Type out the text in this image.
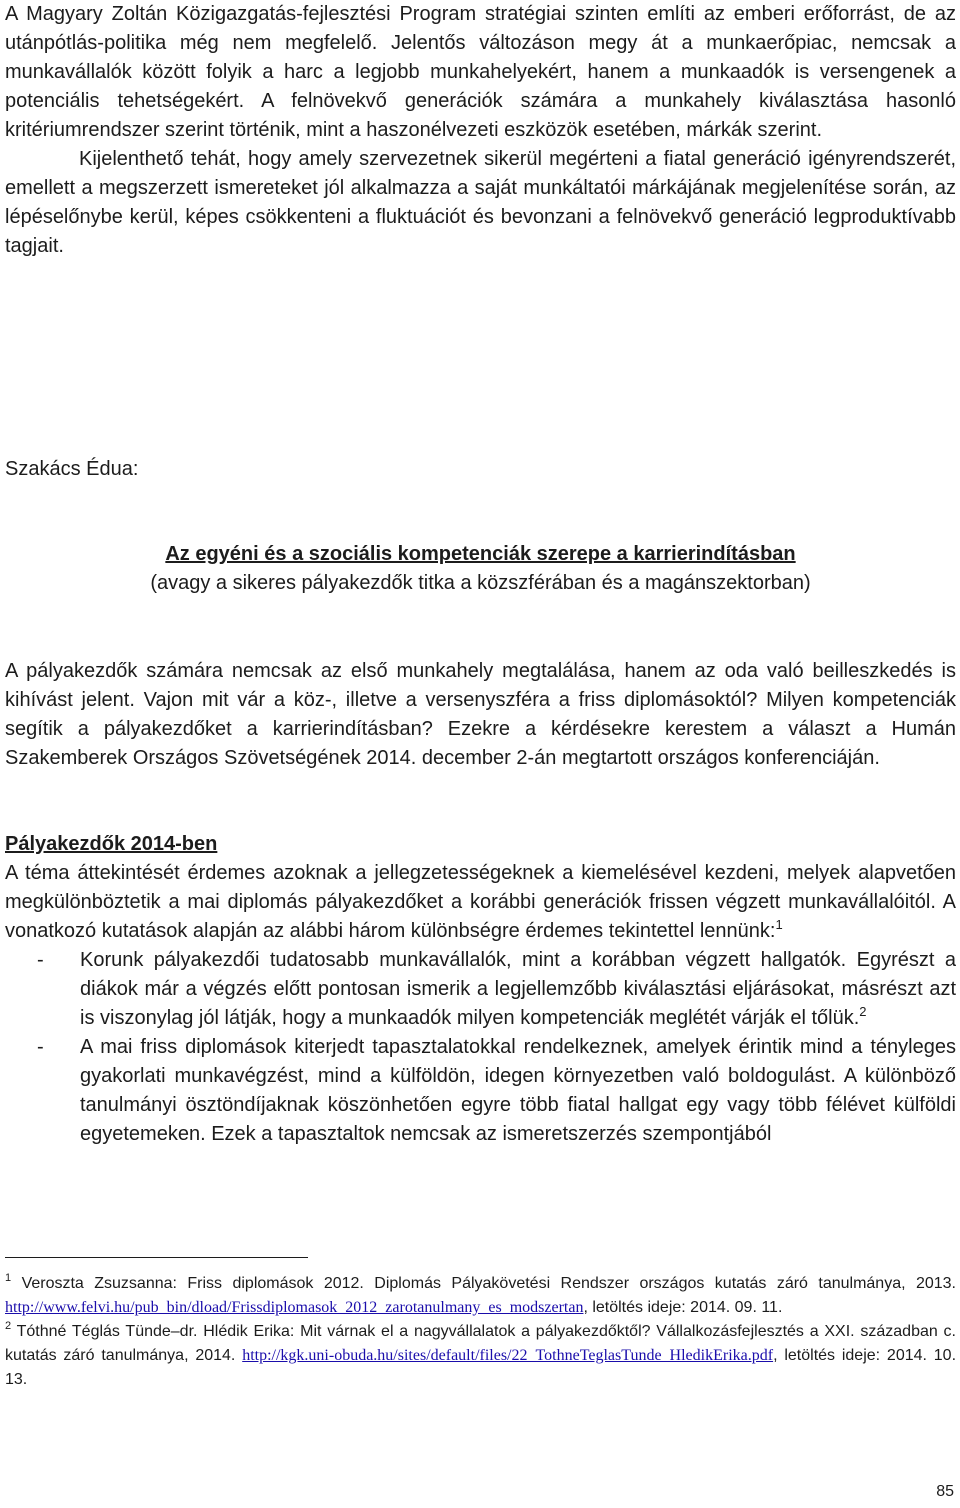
A Magyary Zoltán Közigazgatás-fejlesztési Program stratégiai szinten említi az emberi erőforrást, de az utánpótlás-politika még nem megfelelő. Jelentős változáson megy át a munkaerőpiac, nemcsak a munkavállalók között folyik a harc a legjobb munkahelyekért, hanem a munkaadók is versengenek a potenciális tehetségekért. A felnövekvő generációk számára a munkahely kiválasztása hasonló kritériumrendszer szerint történik, mint a haszonélvezeti eszközök esetében, márkák szerint.

Kijelenthető tehát, hogy amely szervezetnek sikerül megérteni a fiatal generáció igényrendszerét, emellett a megszerzett ismereteket jól alkalmazza a saját munkáltatói márkájának megjelenítése során, az lépéselőnybe kerül, képes csökkenteni a fluktuációt és bevonzani a felnövekvő generáció legproduktívabb tagjait.

Szakács Édua:
Az egyéni és a szociális kompetenciák szerepe a karrierindításban
(avagy a sikeres pályakezdők titka a közszférában és a magánszektorban)
A pályakezdők számára nemcsak az első munkahely megtalálása, hanem az oda való beilleszkedés is kihívást jelent. Vajon mit vár a köz-, illetve a versenyszféra a friss diplomásoktól? Milyen kompetenciák segítik a pályakezdőket a karrierindításban? Ezekre a kérdésekre kerestem a választ a Humán Szakemberek Országos Szövetségének 2014. december 2-án megtartott országos konferenciáján.
Pályakezdők 2014-ben

A téma áttekintését érdemes azoknak a jellegzetességeknek a kiemelésével kezdeni, melyek alapvetően megkülönböztetik a mai diplomás pályakezdőket a korábbi generációk frissen végzett munkavállalóitól. A vonatkozó kutatások alapján az alábbi három különbségre érdemes tekintettel lennünk:$^1$

- Korunk pályakezdői tudatosabb munkavállalók, mint a korábban végzett hallgatók. Egyrészt a diákok már a végzés előtt pontosan ismerik a legjellemzőbb kiválasztási eljárásokat, másrészt azt is viszonylag jól látják, hogy a munkaadók milyen kompetenciák meglétét várják el tőlük.$^2$
- A mai friss diplomások kiterjedt tapasztalatokkal rendelkeznek, amelyek érintik mind a tényleges gyakorlati munkavégzést, mind a külföldön, idegen környezetben való boldogulást. A különböző tanulmányi ösztöndíjaknak köszönhetően egyre több fiatal hallgat egy vagy több félévet külföldi egyetemeken. Ezek a tapasztaltok nemcsak az ismeretszerzés szempontjából

$^1$ Veroszta Zsuzsanna: Friss diplomások 2012. Diplomás Pályakövetési Rendszer országos kutatás záró tanulmánya, 2013. http://www.felvi.hu/pub_bin/dload/Frissdiplomasok_2012_zarotanulmany_es_modszertan, letöltés ideje: 2014. 09. 11.

$^2$ Tóthné Téglás Tünde–dr. Hlédik Erika: Mit várnak el a nagyvállalatok a pályakezdőktől? Vállalkozásfejlesztés a XXI. században c. kutatás záró tanulmánya, 2014. http://kgk.uni-obuda.hu/sites/default/files/22_TothneTeglasTunde_HledikErika.pdf, letöltés ideje: 2014. 10. 13.

85
